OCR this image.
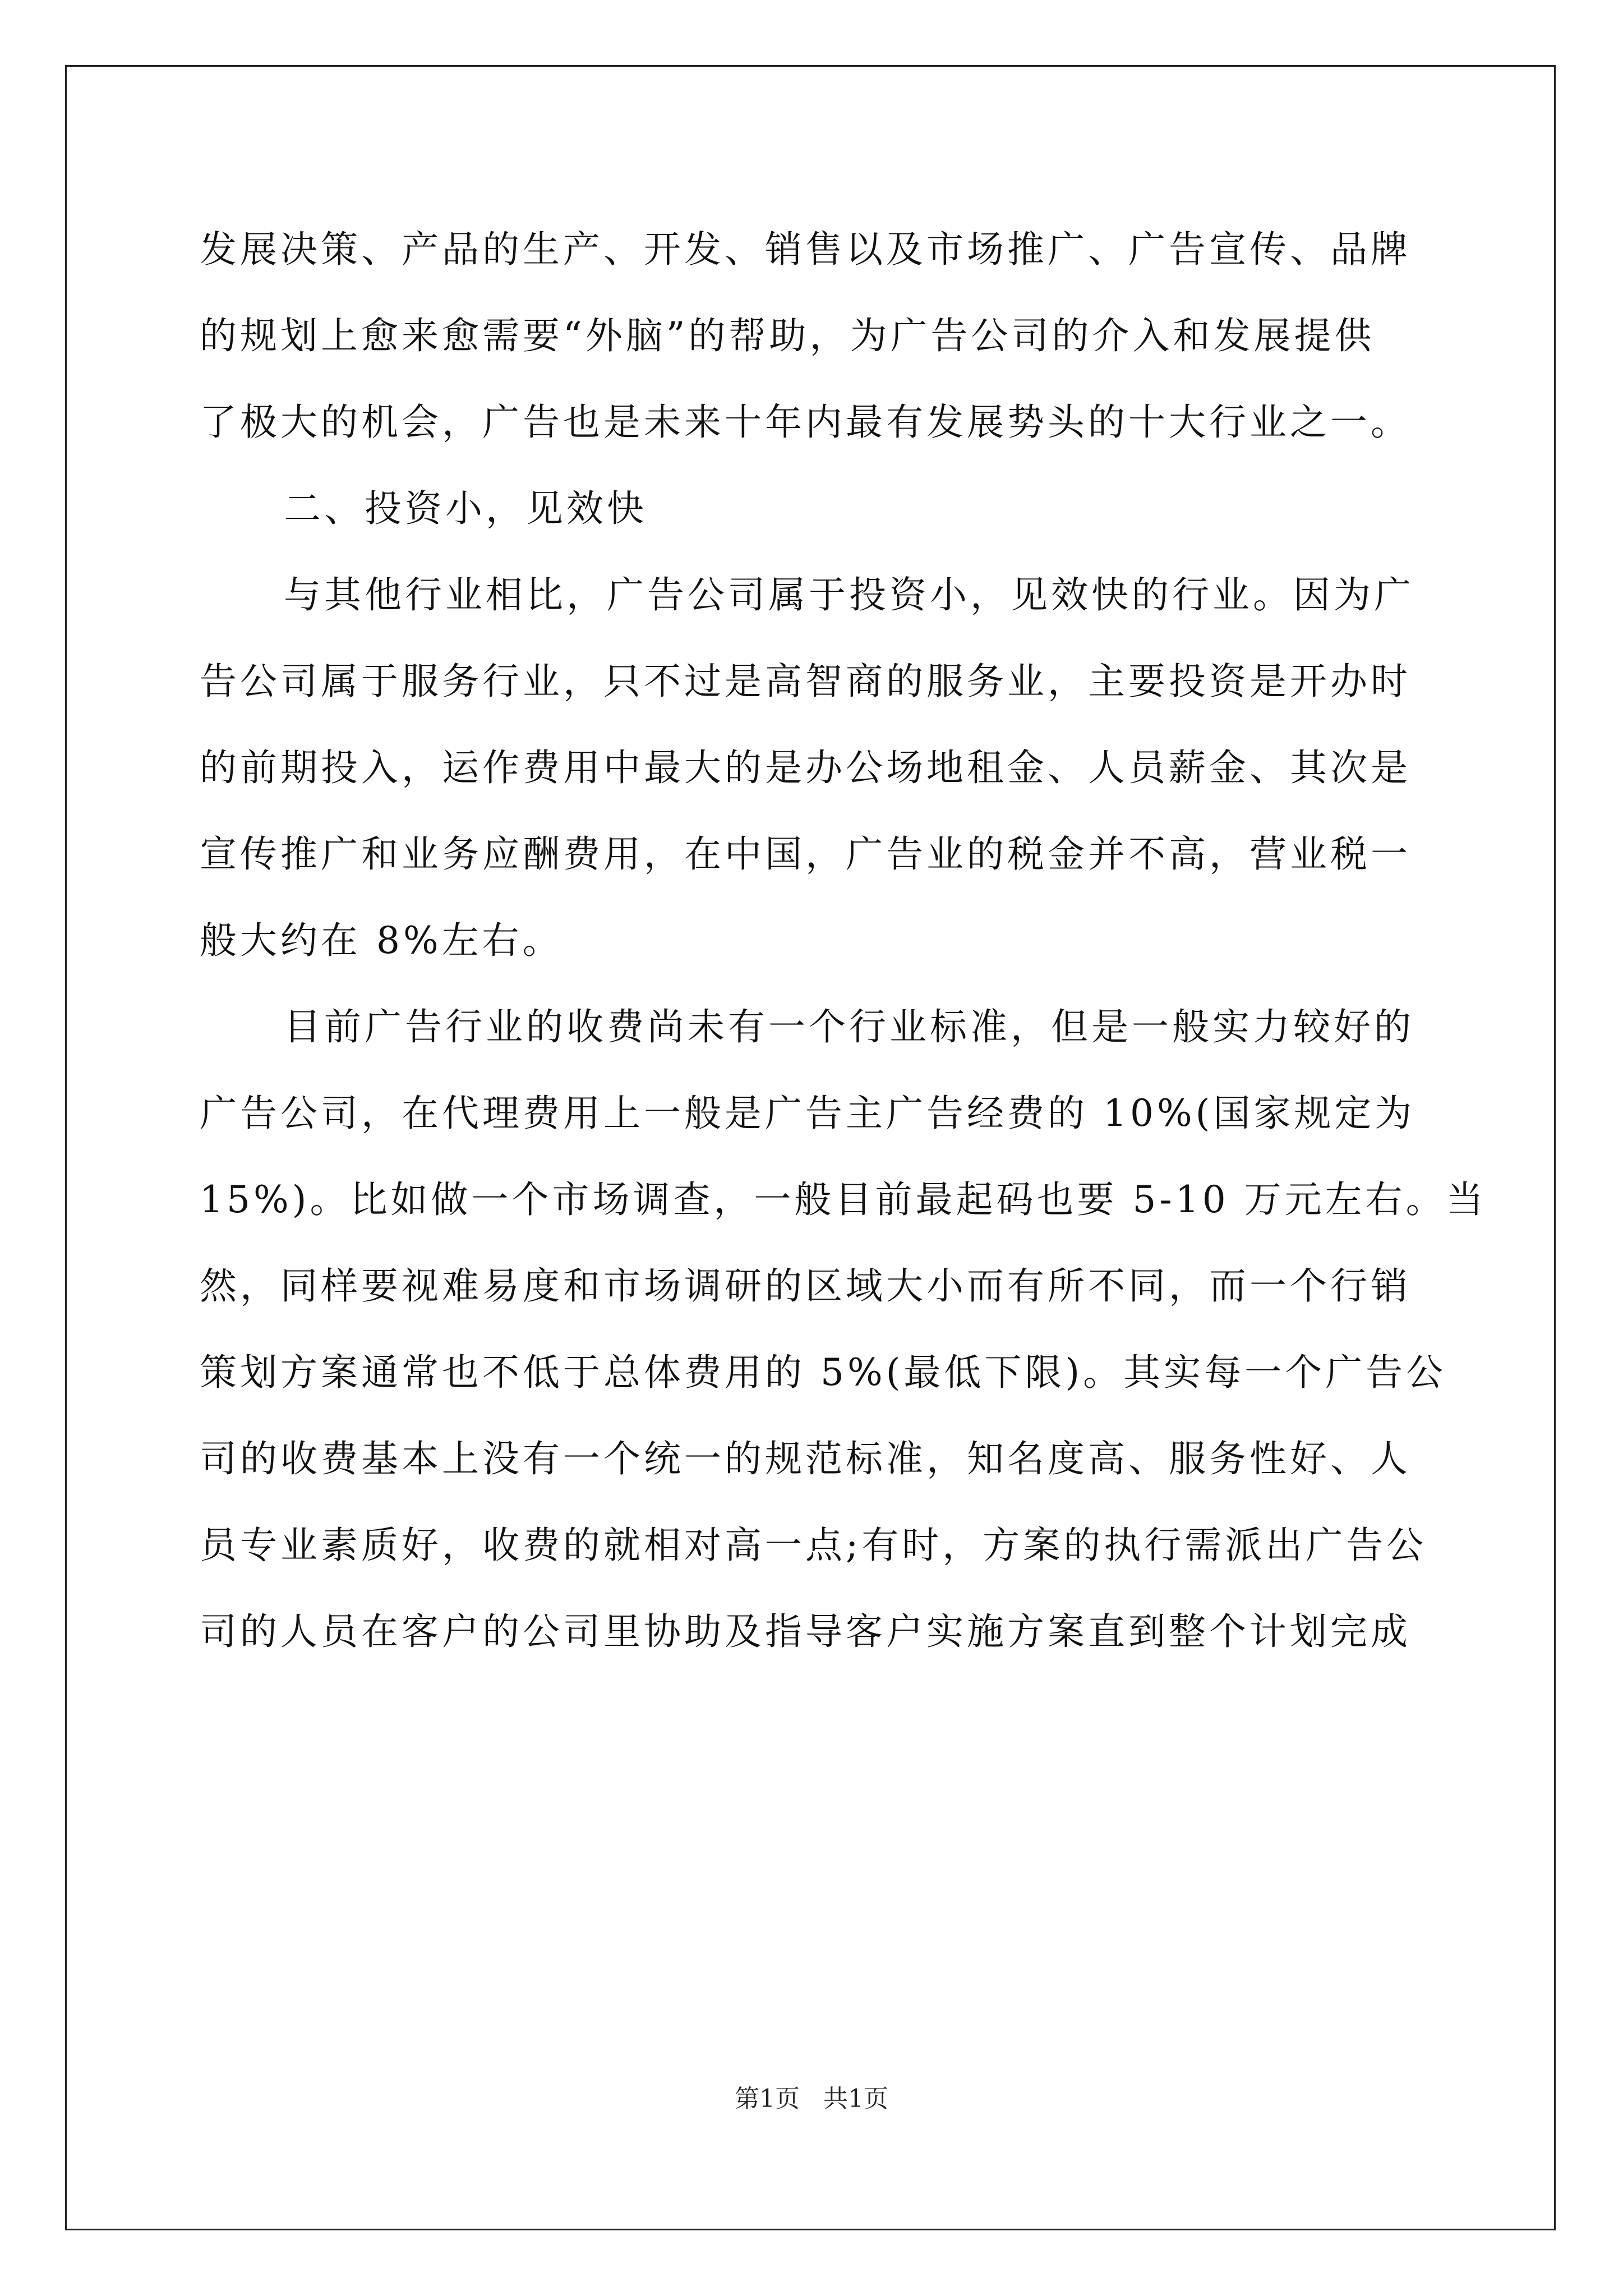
发展决策、产品的生产、开发、销售以及市场推广、广告宣传、品牌
的规划上愈来愈需要“外脑”的帮助，为广告公司的介入和发展提供
了极大的机会，广告也是未来十年内最有发展势头的十大行业之一。
二、投资小，见效快
与其他行业相比，广告公司属于投资小，见效快的行业。因为广
告公司属于服务行业，只不过是高智商的服务业，主要投资是开办时
的前期投入，运作费用中最大的是办公场地租金、人员薪金、其次是
宣传推广和业务应酬费用，在中国，广告业的税金并不高，营业税一
般大约在 8%左右。
目前广告行业的收费尚未有一个行业标准，但是一般实力较好的
广告公司，在代理费用上一般是广告主广告经费的 10%(国家规定为
15%)。比如做一个市场调查，一般目前最起码也要 5-10 万元左右。当
然，同样要视难易度和市场调研的区域大小而有所不同，而一个行销
策划方案通常也不低于总体费用的 5%(最低下限)。其实每一个广告公
司的收费基本上没有一个统一的规范标准，知名度高、服务性好、人
员专业素质好，收费的就相对高一点;有时，方案的执行需派出广告公
司的人员在客户的公司里协助及指导客户实施方案直到整个计划完成
第1页   共1页
